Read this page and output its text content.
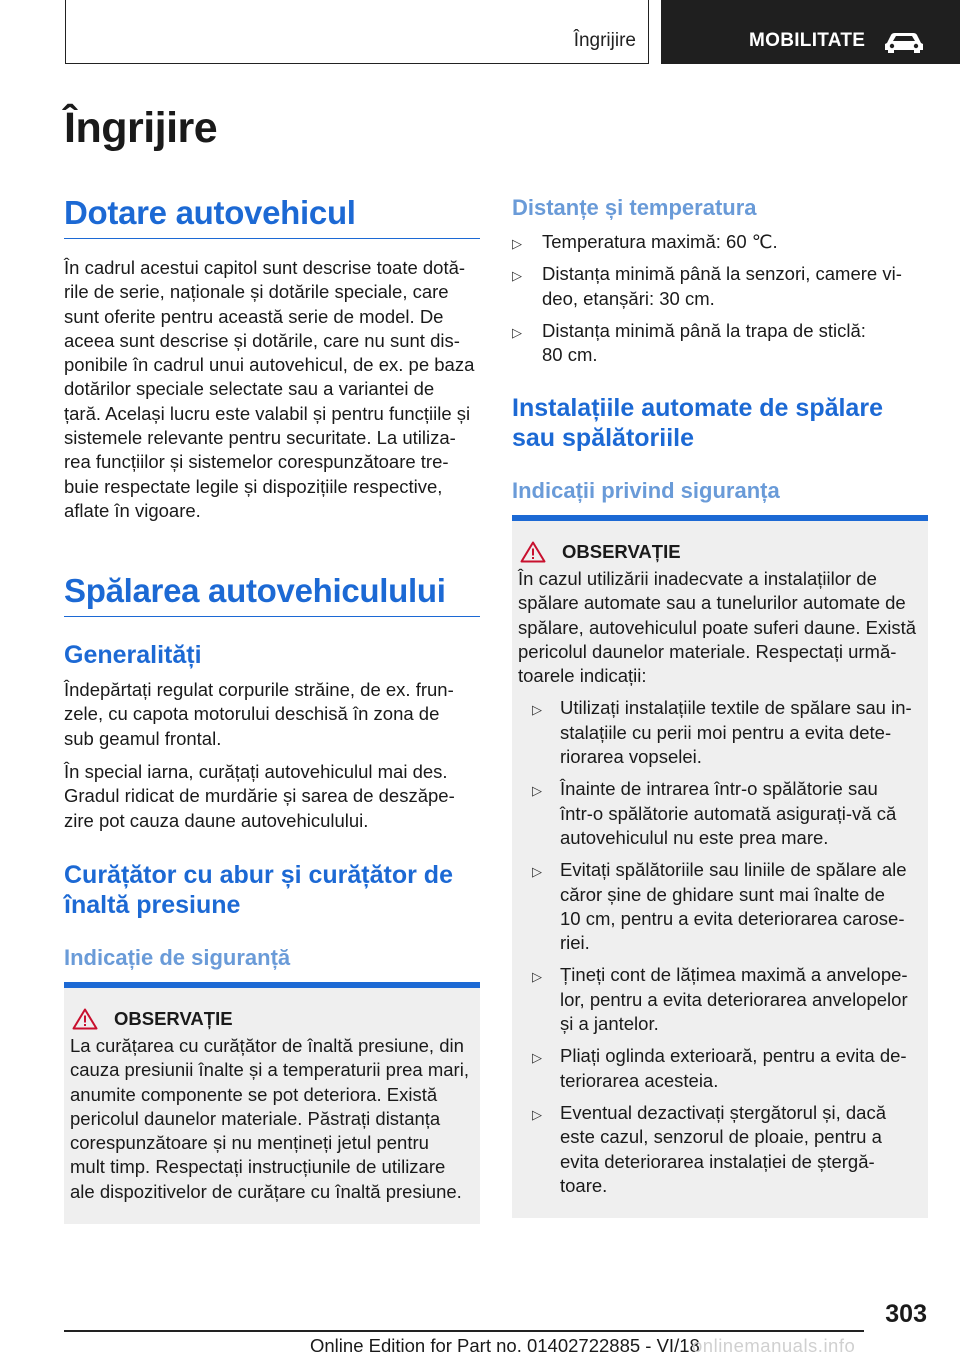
Îngrijire	MOBILITATE
Îngrijire
Dotare autovehicul
În cadrul acestui capitol sunt descrise toate dotă-
rile de serie, naționale și dotările speciale, care
sunt oferite pentru această serie de model. De
aceea sunt descrise și dotările, care nu sunt dis-
ponibile în cadrul unui autovehicul, de ex. pe baza
dotărilor speciale selectate sau a variantei de
țară. Același lucru este valabil și pentru funcțiile și
sistemele relevante pentru securitate. La utiliza-
rea funcțiilor și sistemelor corespunzătoare tre-
buie respectate legile și dispozițiile respective,
aflate în vigoare.
Spălarea autovehiculului
Generalități
Îndepărtați regulat corpurile străine, de ex. frun-
zele, cu capota motorului deschisă în zona de
sub geamul frontal.
În special iarna, curățați autovehiculul mai des.
Gradul ridicat de murdărie și sarea de deszăpe-
zire pot cauza daune autovehiculului.
Curățător cu abur și curățător de
înaltă presiune
Indicație de siguranță
OBSERVAȚIE
La curățarea cu curățător de înaltă presiune, din
cauza presiunii înalte și a temperaturii prea mari,
anumite componente se pot deteriora. Există
pericolul daunelor materiale. Păstrați distanța
corespunzătoare și nu mențineți jetul pentru
mult timp. Respectați instrucțiunile de utilizare
ale dispozitivelor de curățare cu înaltă presiune.
Distanțe și temperatura
▷ Temperatura maximă: 60 ℃.
▷ Distanța minimă până la senzori, camere vi-
deo, etanșări: 30 cm.
▷ Distanța minimă până la trapa de sticlă:
80 cm.
Instalațiile automate de spălare
sau spălătoriile
Indicații privind siguranța
OBSERVAȚIE
În cazul utilizării inadecvate a instalațiilor de
spălare automate sau a tunelurilor automate de
spălare, autovehiculul poate suferi daune. Există
pericolul daunelor materiale. Respectați urmă-
toarele indicații:
▷ Utilizați instalațiile textile de spălare sau in-
stalațiile cu perii moi pentru a evita dete-
riorarea vopselei.
▷ Înainte de intrarea într-o spălătorie sau
într-o spălătorie automată asigurați-vă că
autovehiculul nu este prea mare.
▷ Evitați spălătoriile sau liniile de spălare ale
căror șine de ghidare sunt mai înalte de
10 cm, pentru a evita deteriorarea carose-
riei.
▷ Țineți cont de lățimea maximă a anvelope-
lor, pentru a evita deteriorarea anvelopelor
și a jantelor.
▷ Pliați oglinda exterioară, pentru a evita de-
teriorarea acesteia.
▷ Eventual dezactivați ștergătorul și, dacă
este cazul, senzorul de ploaie, pentru a
evita deteriorarea instalației de ștergă-
toare.
303
Online Edition for Part no. 01402722885 - VI/18
onlinemanuals.info
